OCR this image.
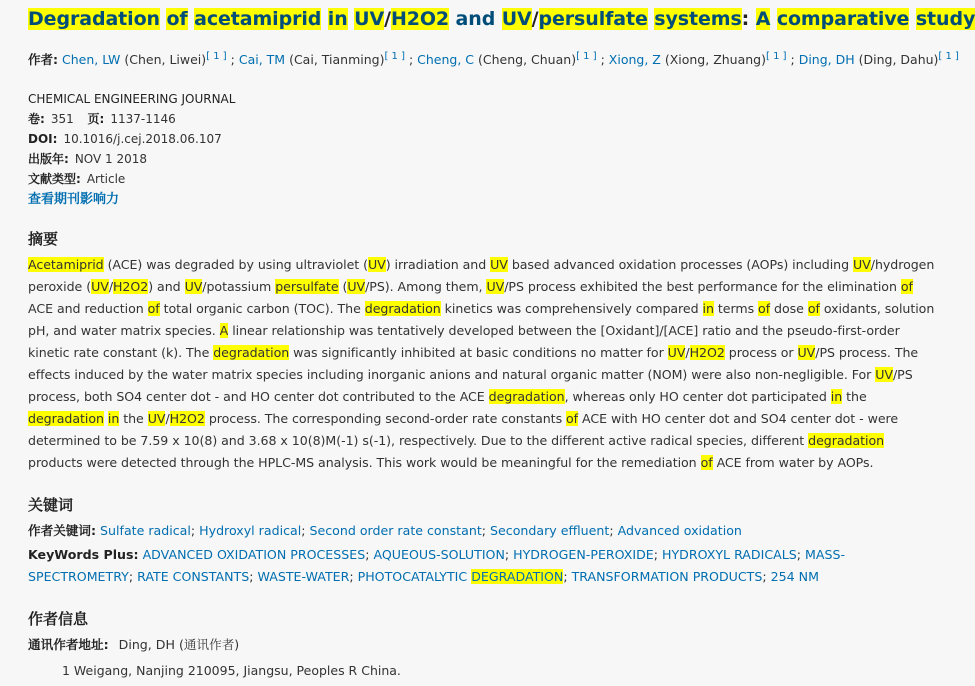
Degradation of acetamiprid in UV/H2O2 and UV/persulfate systems: A comparative study
作者: Chen, LW (Chen, Liwei)[ 1 ] ; Cai, TM (Cai, Tianming)[ 1 ] ; Cheng, C (Cheng, Chuan)[ 1 ] ; Xiong, Z (Xiong, Zhuang)[ 1 ] ; Ding, DH (Ding, Dahu)[ 1 ]
CHEMICAL ENGINEERING JOURNAL
卷: 351 页: 1137-1146
DOI: 10.1016/j.cej.2018.06.107
出版年: NOV 1 2018
文献类型: Article
查看期刊影响力
摘要

Acetamiprid (ACE) was degraded by using ultraviolet (UV) irradiation and UV based advanced oxidation processes (AOPs) including UV/hydrogen peroxide (UV/H2O2) and UV/potassium persulfate (UV/PS). Among them, UV/PS process exhibited the best performance for the elimination of ACE and reduction of total organic carbon (TOC). The degradation kinetics was comprehensively compared in terms of dose of oxidants, solution pH, and water matrix species. A linear relationship was tentatively developed between the [Oxidant]/[ACE] ratio and the pseudo-first-order kinetic rate constant (k). The degradation was significantly inhibited at basic conditions no matter for UV/H2O2 process or UV/PS process. The effects induced by the water matrix species including inorganic anions and natural organic matter (NOM) were also non-negligible. For UV/PS process, both SO4 center dot - and HO center dot contributed to the ACE degradation, whereas only HO center dot participated in the degradation in the UV/H2O2 process. The corresponding second-order rate constants of ACE with HO center dot and SO4 center dot - were determined to be 7.59 x 10(8) and 3.68 x 10(8)M(-1) s(-1), respectively. Due to the different active radical species, different degradation products were detected through the HPLC-MS analysis. This work would be meaningful for the remediation of ACE from water by AOPs.

关键词
作者关键词: Sulfate radical; Hydroxyl radical; Second order rate constant; Secondary effluent; Advanced oxidation
KeyWords Plus: ADVANCED OXIDATION PROCESSES; AQUEOUS-SOLUTION; HYDROGEN-PEROXIDE; HYDROXYL RADICALS; MASS-SPECTROMETRY; RATE CONSTANTS; WASTE-WATER; PHOTOCATALYTIC DEGRADATION; TRANSFORMATION PRODUCTS; 254 NM
作者信息
通讯作者地址: Ding, DH (通讯作者)
1 Weigang, Nanjing 210095, Jiangsu, Peoples R China.
